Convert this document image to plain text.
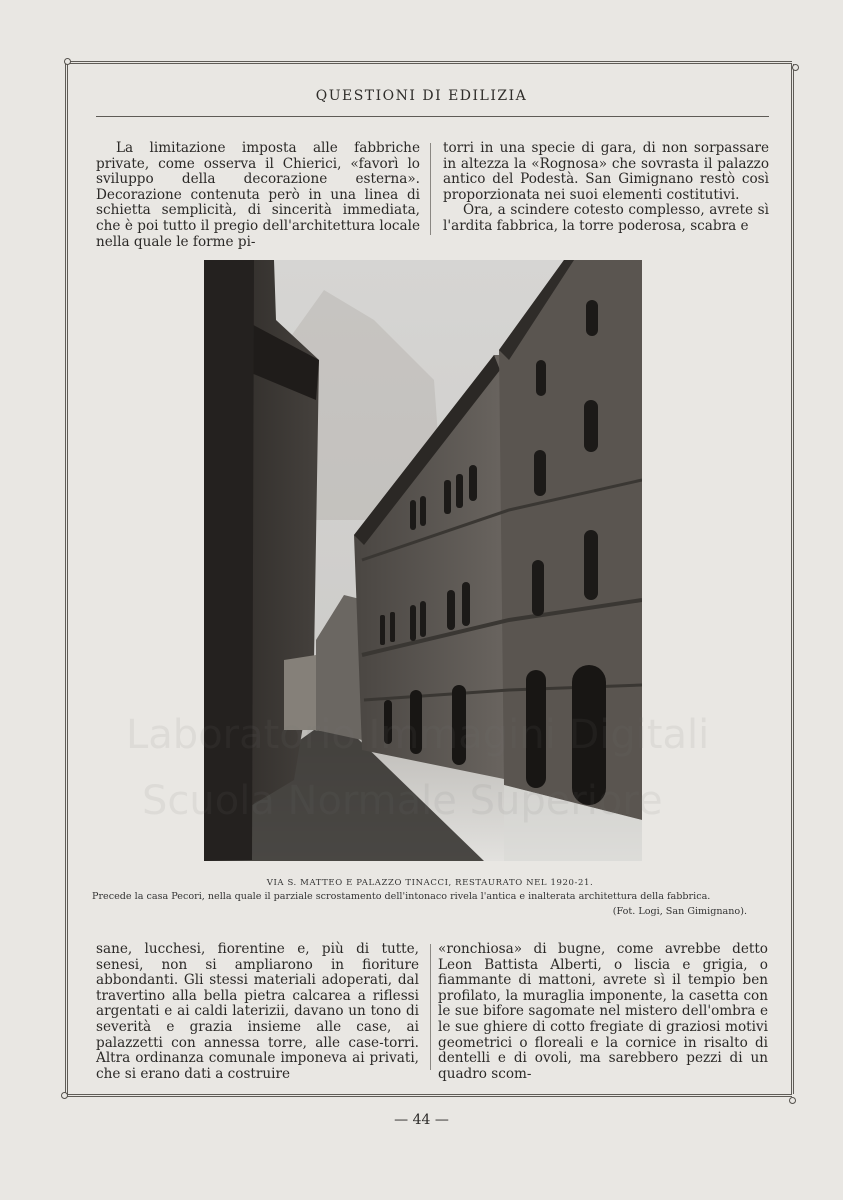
QUESTIONI DI EDILIZIA

La limitazione imposta alle fabbriche private, come osserva il Chierici, «favorì lo sviluppo della decorazione esterna». Decorazione contenuta però in una linea di schietta semplicità, di sincerità immediata, che è poi tutto il pregio dell'architettura locale nella quale le forme pi-

torri in una specie di gara, di non sorpassare in altezza la «Rognosa» che sovrasta il palazzo antico del Podestà. San Gimignano restò così proporzionata nei suoi elementi costitutivi.

Ora, a scindere cotesto complesso, avrete sì l'ardita fabbrica, la torre poderosa, scabra e

VIA S. MATTEO E PALAZZO TINACCI, RESTAURATO NEL 1920-21.
Precede la casa Pecori, nella quale il parziale scrostamento dell'intonaco rivela l'antica e inalterata architettura della fabbrica.
(Fot. Logi, San Gimignano).

sane, lucchesi, fiorentine e, più di tutte, senesi, non si ampliarono in fioriture abbondanti. Gli stessi materiali adoperati, dal travertino alla bella pietra calcarea a riflessi argentati e ai caldi laterizii, davano un tono di severità e grazia insieme alle case, ai palazzetti con annessa torre, alle case-torri. Altra ordinanza comunale imponeva ai privati, che si erano dati a costruire

«ronchiosa» di bugne, come avrebbe detto Leon Battista Alberti, o liscia e grigia, o fiammante di mattoni, avrete sì il tempio ben profilato, la muraglia imponente, la casetta con le sue bifore sagomate nel mistero dell'ombra e le sue ghiere di cotto fregiate di graziosi motivi geometrici o floreali e la cornice in risalto di dentelli e di ovoli, ma sarebbero pezzi di un quadro scom-

— 44 —
